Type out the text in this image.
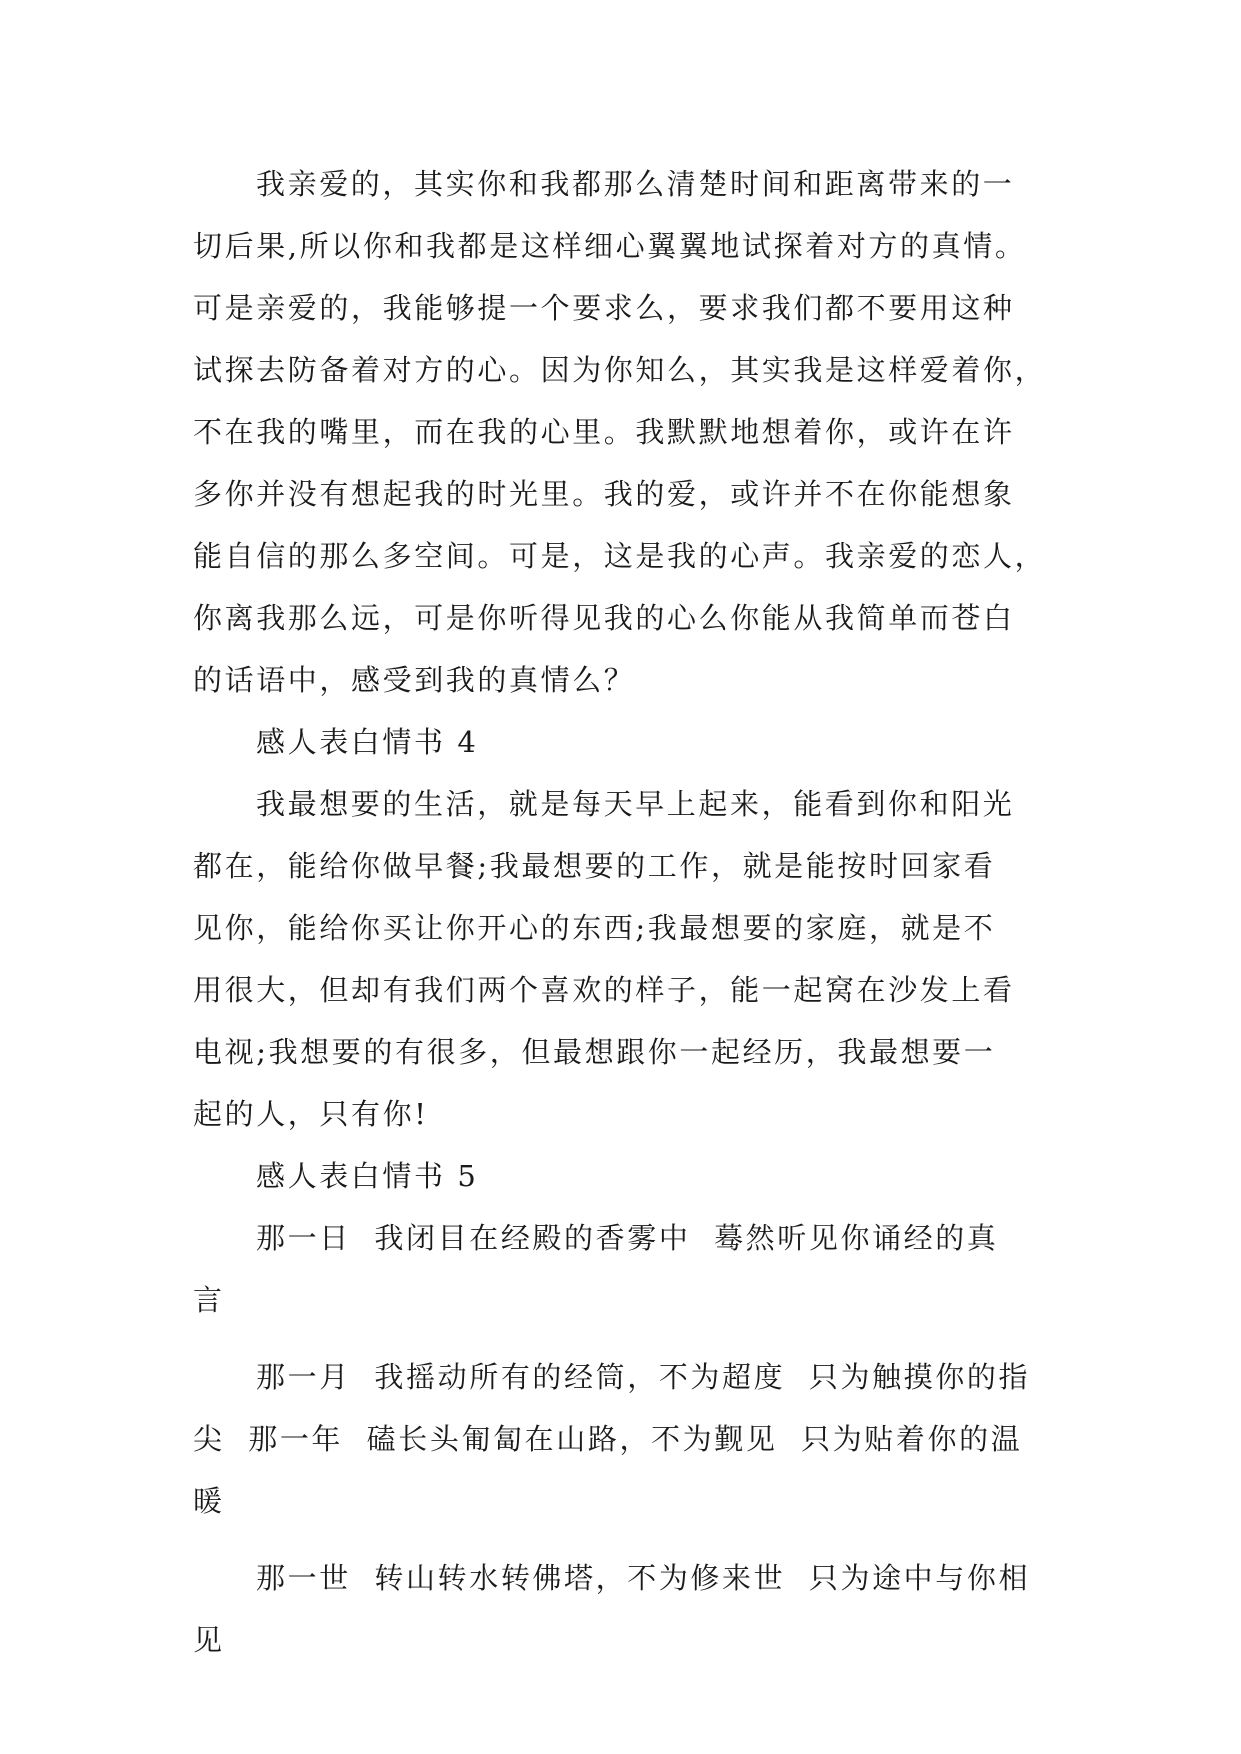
我亲爱的，其实你和我都那么清楚时间和距离带来的一
切后果,所以你和我都是这样细心翼翼地试探着对方的真情。
可是亲爱的，我能够提一个要求么，要求我们都不要用这种
试探去防备着对方的心。因为你知么，其实我是这样爱着你，
不在我的嘴里，而在我的心里。我默默地想着你，或许在许
多你并没有想起我的时光里。我的爱，或许并不在你能想象
能自信的那么多空间。可是，这是我的心声。我亲爱的恋人，
你离我那么远，可是你听得见我的心么你能从我简单而苍白
的话语中，感受到我的真情么？
感人表白情书 4
我最想要的生活，就是每天早上起来，能看到你和阳光
都在，能给你做早餐;我最想要的工作，就是能按时回家看
见你，能给你买让你开心的东西;我最想要的家庭，就是不
用很大，但却有我们两个喜欢的样子，能一起窝在沙发上看
电视;我想要的有很多，但最想跟你一起经历，我最想要一
起的人，只有你!
感人表白情书 5
那一日  我闭目在经殿的香雾中  蓦然听见你诵经的真
言
那一月  我摇动所有的经筒，不为超度  只为触摸你的指
尖  那一年  磕长头匍匐在山路，不为觐见  只为贴着你的温
暖
那一世  转山转水转佛塔，不为修来世  只为途中与你相
见
